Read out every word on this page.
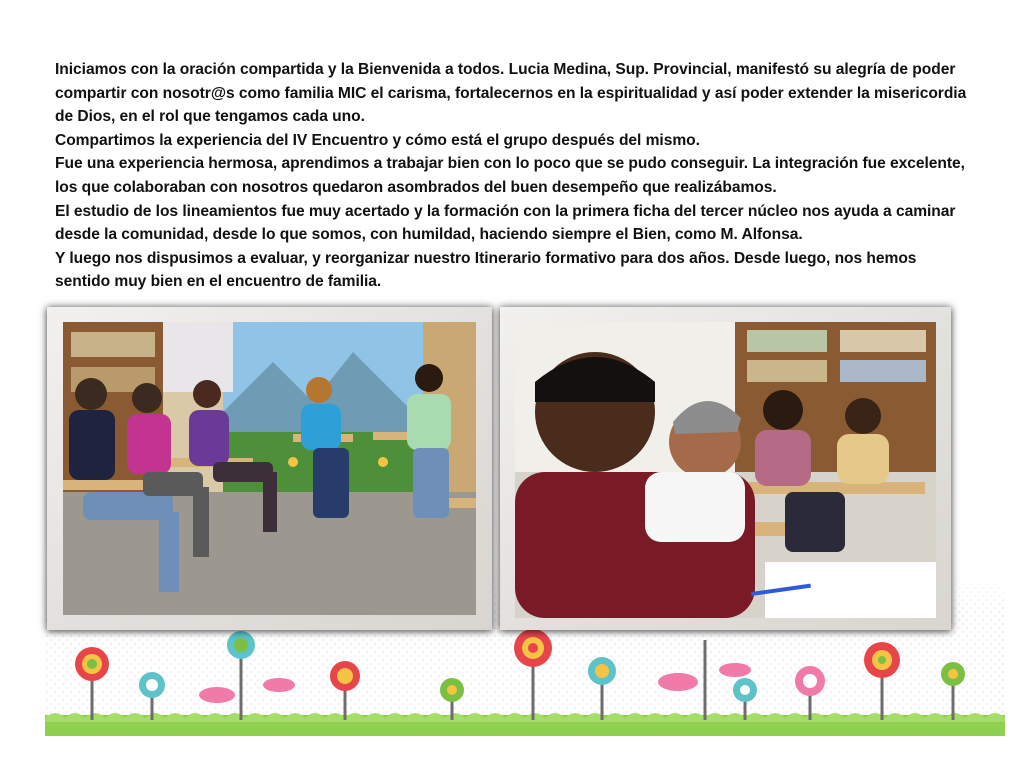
Iniciamos con la oración compartida y la Bienvenida a todos. Lucia Medina, Sup. Provincial, manifestó su alegría de poder compartir con nosotr@s como familia MIC el carisma, fortalecernos en la espiritualidad y así poder extender la misericordia de Dios, en el rol que tengamos cada uno.

Compartimos la experiencia del IV Encuentro y cómo está el grupo después del mismo.

Fue una experiencia hermosa, aprendimos a trabajar bien con lo poco que se pudo conseguir. La integración fue excelente, los que colaboraban con nosotros quedaron asombrados del buen desempeño que realizábamos.

El estudio de los lineamientos fue muy acertado y la formación con la primera ficha del tercer núcleo nos ayuda a caminar desde la comunidad, desde lo que somos, con humildad, haciendo siempre el Bien, como M. Alfonsa.

Y luego nos dispusimos a evaluar, y reorganizar nuestro Itinerario formativo para dos años. Desde luego, nos hemos sentido muy bien en el encuentro de familia.
